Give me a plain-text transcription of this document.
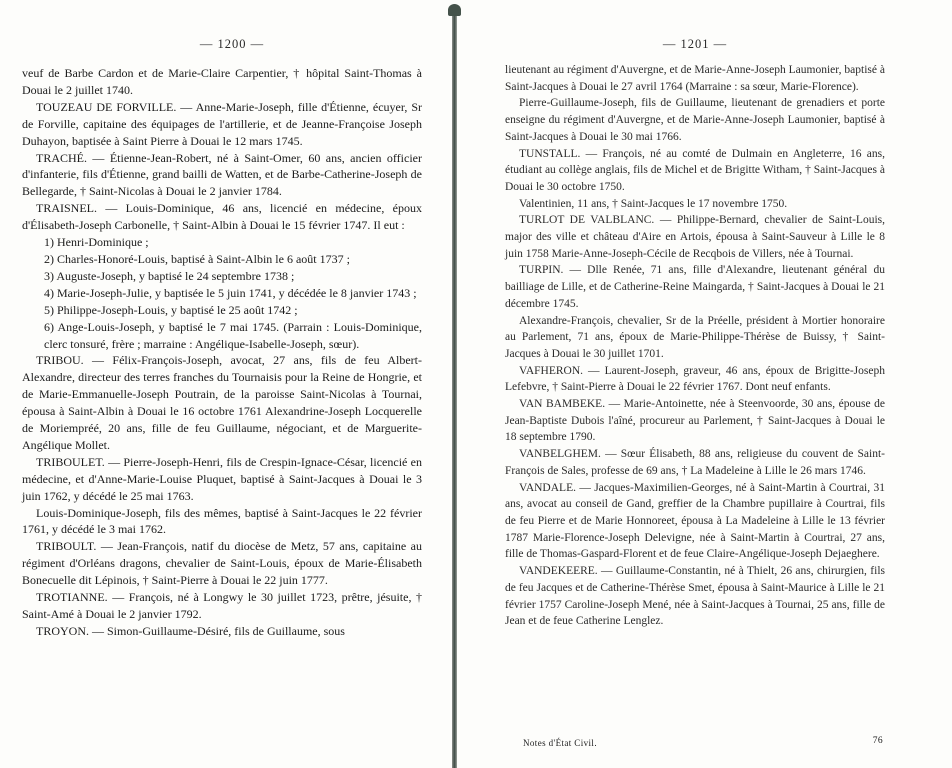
— 1200 —

veuf de Barbe Cardon et de Marie-Claire Carpentier, † hôpital Saint-Thomas à Douai le 2 juillet 1740.

TOUZEAU DE FORVILLE. — Anne-Marie-Joseph, fille d'Étienne, écuyer, Sr de Forville, capitaine des équipages de l'artillerie, et de Jeanne-Françoise Joseph Duhayon, baptisée à Saint Pierre à Douai le 12 mars 1745.

TRACHÉ. — Étienne-Jean-Robert, né à Saint-Omer, 60 ans, ancien officier d'infanterie, fils d'Étienne, grand bailli de Watten, et de Barbe-Catherine-Joseph de Bellegarde, † Saint-Nicolas à Douai le 2 janvier 1784.

TRAISNEL. — Louis-Dominique, 46 ans, licencié en médecine, époux d'Élisabeth-Joseph Carbonelle, † Saint-Albin à Douai le 15 février 1747. Il eut :

1) Henri-Dominique ;

2) Charles-Honoré-Louis, baptisé à Saint-Albin le 6 août 1737 ;

3) Auguste-Joseph, y baptisé le 24 septembre 1738 ;

4) Marie-Joseph-Julie, y baptisée le 5 juin 1741, y décédée le 8 janvier 1743 ;

5) Philippe-Joseph-Louis, y baptisé le 25 août 1742 ;

6) Ange-Louis-Joseph, y baptisé le 7 mai 1745. (Parrain : Louis-Dominique, clerc tonsuré, frère ; marraine : Angélique-Isabelle-Joseph, sœur).

TRIBOU. — Félix-François-Joseph, avocat, 27 ans, fils de feu Albert-Alexandre, directeur des terres franches du Tournaisis pour la Reine de Hongrie, et de Marie-Emmanuelle-Joseph Poutrain, de la paroisse Saint-Nicolas à Tournai, épousa à Saint-Albin à Douai le 16 octobre 1761 Alexandrine-Joseph Locquerelle de Moriempréé, 20 ans, fille de feu Guillaume, négociant, et de Marguerite-Angélique Mollet.

TRIBOULET. — Pierre-Joseph-Henri, fils de Crespin-Ignace-César, licencié en médecine, et d'Anne-Marie-Louise Pluquet, baptisé à Saint-Jacques à Douai le 3 juin 1762, y décédé le 25 mai 1763.

Louis-Dominique-Joseph, fils des mêmes, baptisé à Saint-Jacques le 22 février 1761, y décédé le 3 mai 1762.

TRIBOULT. — Jean-François, natif du diocèse de Metz, 57 ans, capitaine au régiment d'Orléans dragons, chevalier de Saint-Louis, époux de Marie-Élisabeth Bonecuelle dit Lépinois, † Saint-Pierre à Douai le 22 juin 1777.

TROTIANNE. — François, né à Longwy le 30 juillet 1723, prêtre, jésuite, † Saint-Amé à Douai le 2 janvier 1792.

TROYON. — Simon-Guillaume-Désiré, fils de Guillaume, sous

— 1201 —

lieutenant au régiment d'Auvergne, et de Marie-Anne-Joseph Laumonier, baptisé à Saint-Jacques à Douai le 27 avril 1764 (Marraine : sa sœur, Marie-Florence).

Pierre-Guillaume-Joseph, fils de Guillaume, lieutenant de grenadiers et porte enseigne du régiment d'Auvergne, et de Marie-Anne-Joseph Laumonier, baptisé à Saint-Jacques à Douai le 30 mai 1766.

TUNSTALL. — François, né au comté de Dulmain en Angleterre, 16 ans, étudiant au collège anglais, fils de Michel et de Brigitte Witham, † Saint-Jacques à Douai le 30 octobre 1750.

Valentinien, 11 ans, † Saint-Jacques le 17 novembre 1750.

TURLOT DE VALBLANC. — Philippe-Bernard, chevalier de Saint-Louis, major des ville et château d'Aire en Artois, épousa à Saint-Sauveur à Lille le 8 juin 1758 Marie-Anne-Joseph-Cécile de Recqbois de Villers, née à Tournai.

TURPIN. — Dlle Renée, 71 ans, fille d'Alexandre, lieutenant général du bailliage de Lille, et de Catherine-Reine Maingarda, † Saint-Jacques à Douai le 21 décembre 1745.

Alexandre-François, chevalier, Sr de la Préelle, président à Mortier honoraire au Parlement, 71 ans, époux de Marie-Philippe-Thérèse de Buissy, † Saint-Jacques à Douai le 30 juillet 1701.

VAFHERON. — Laurent-Joseph, graveur, 46 ans, époux de Brigitte-Joseph Lefebvre, † Saint-Pierre à Douai le 22 février 1767. Dont neuf enfants.

VAN BAMBEKE. — Marie-Antoinette, née à Steenvoorde, 30 ans, épouse de Jean-Baptiste Dubois l'aîné, procureur au Parlement, † Saint-Jacques à Douai le 18 septembre 1790.

VANBELGHEM. — Sœur Élisabeth, 88 ans, religieuse du couvent de Saint-François de Sales, professe de 69 ans, † La Madeleine à Lille le 26 mars 1746.

VANDALE. — Jacques-Maximilien-Georges, né à Saint-Martin à Courtrai, 31 ans, avocat au conseil de Gand, greffier de la Chambre pupillaire à Courtrai, fils de feu Pierre et de Marie Honnoreet, épousa à La Madeleine à Lille le 13 février 1787 Marie-Florence-Joseph Delevigne, née à Saint-Martin à Courtrai, 27 ans, fille de Thomas-Gaspard-Florent et de feue Claire-Angélique-Joseph Dejaeghere.

VANDEKEERE. — Guillaume-Constantin, né à Thielt, 26 ans, chirurgien, fils de feu Jacques et de Catherine-Thérèse Smet, épousa à Saint-Maurice à Lille le 21 février 1757 Caroline-Joseph Mené, née à Saint-Jacques à Tournai, 25 ans, fille de Jean et de feue Catherine Lenglez.

Notes d'État Civil.	76
